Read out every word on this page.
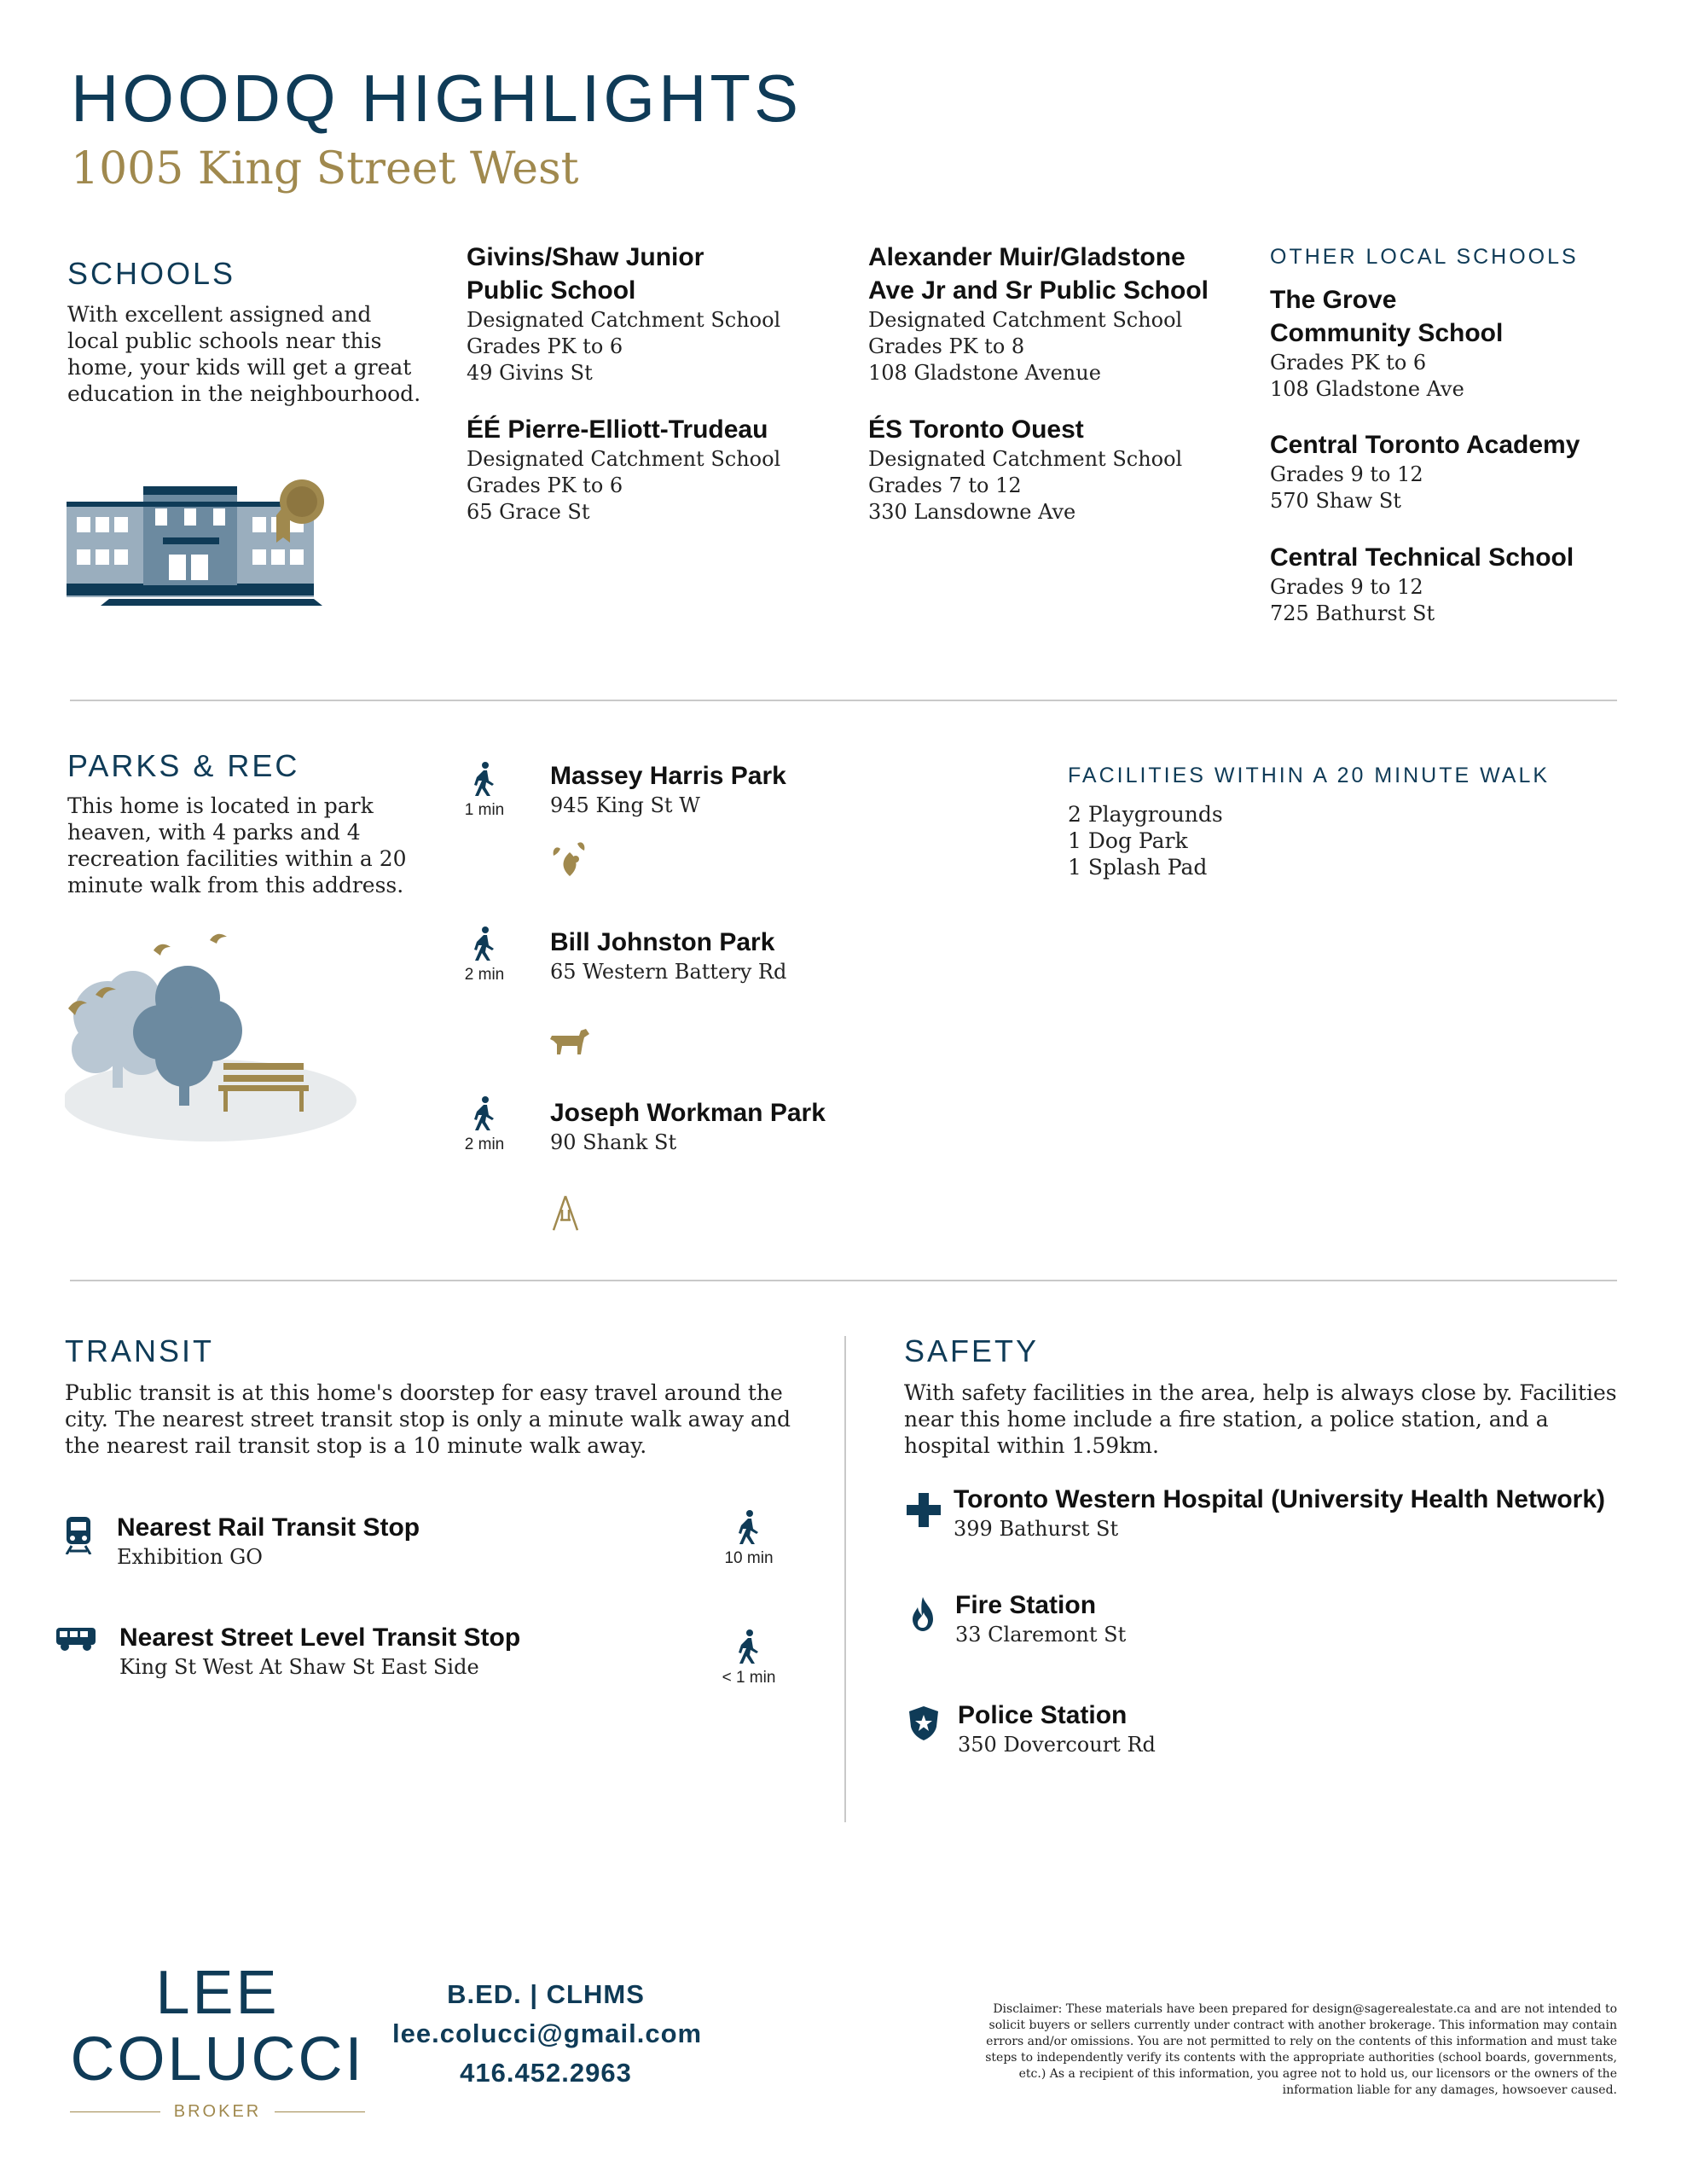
HOODQ HIGHLIGHTS
1005 King Street West
SCHOOLS
With excellent assigned and local public schools near this home, your kids will get a great education in the neighbourhood.
Givins/Shaw Junior
Public School
Designated Catchment School
Grades PK to 6
49 Givins St
ÉÉ Pierre-Elliott-Trudeau
Designated Catchment School
Grades PK to 6
65 Grace St
Alexander Muir/Gladstone
Ave Jr and Sr Public School
Designated Catchment School
Grades PK to 8
108 Gladstone Avenue
ÉS Toronto Ouest
Designated Catchment School
Grades 7 to 12
330 Lansdowne Ave
OTHER LOCAL SCHOOLS
The Grove
Community School
Grades PK to 6
108 Gladstone Ave
Central Toronto Academy
Grades 9 to 12
570 Shaw St
Central Technical School
Grades 9 to 12
725 Bathurst St
PARKS & REC
This home is located in park heaven, with 4 parks and 4 recreation facilities within a 20 minute walk from this address.
1 min
Massey Harris Park
945 King St W
2 min
Bill Johnston Park
65 Western Battery Rd
2 min
Joseph Workman Park
90 Shank St
FACILITIES WITHIN A 20 MINUTE WALK
2 Playgrounds
1 Dog Park
1 Splash Pad
TRANSIT
Public transit is at this home's doorstep for easy travel around the city. The nearest street transit stop is only a minute walk away and the nearest rail transit stop is a 10 minute walk away.
Nearest Rail Transit Stop
Exhibition GO	10 min
Nearest Street Level Transit Stop
King St West At Shaw St East Side	< 1 min
SAFETY
With safety facilities in the area, help is always close by. Facilities near this home include a fire station, a police station, and a hospital within 1.59km.
Toronto Western Hospital (University Health Network)
399 Bathurst St
Fire Station
33 Claremont St
Police Station
350 Dovercourt Rd
LEE
COLUCCI
BROKER
B.ED. | CLHMS
lee.colucci@gmail.com
416.452.2963
Disclaimer: These materials have been prepared for design@sagerealestate.ca and are not intended to solicit buyers or sellers currently under contract with another brokerage. This information may contain errors and/or omissions. You are not permitted to rely on the contents of this information and must take steps to independently verify its contents with the appropriate authorities (school boards, governments, etc.) As a recipient of this information, you agree not to hold us, our licensors or the owners of the information liable for any damages, howsoever caused.
